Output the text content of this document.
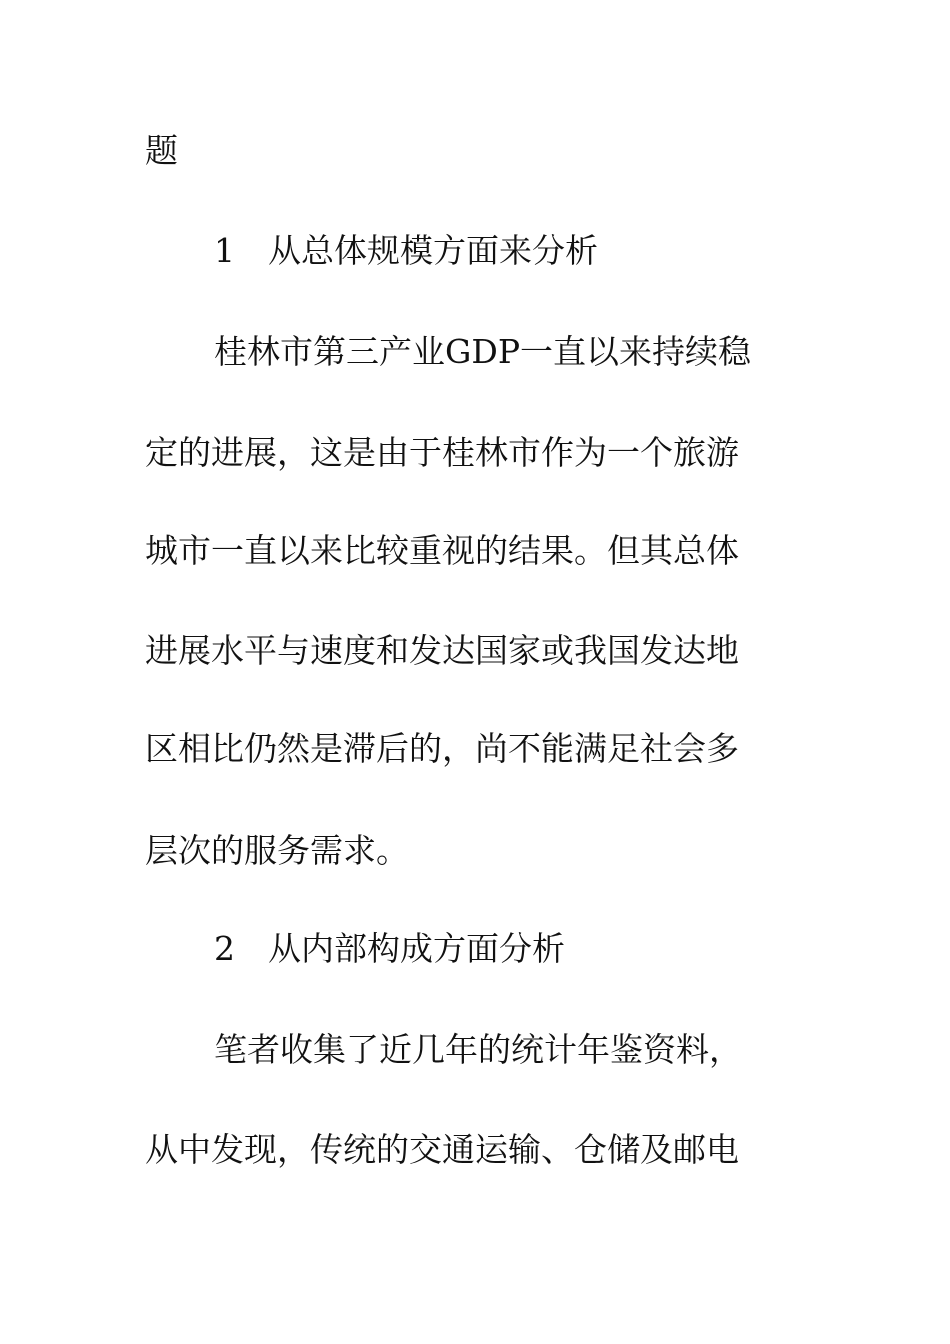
题
1　从总体规模方面来分析
桂林市第三产业GDP一直以来持续稳
定的进展，这是由于桂林市作为一个旅游
城市一直以来比较重视的结果。但其总体
进展水平与速度和发达国家或我国发达地
区相比仍然是滞后的，尚不能满足社会多
层次的服务需求。
2　从内部构成方面分析
笔者收集了近几年的统计年鉴资料，
从中发现，传统的交通运输、仓储及邮电
